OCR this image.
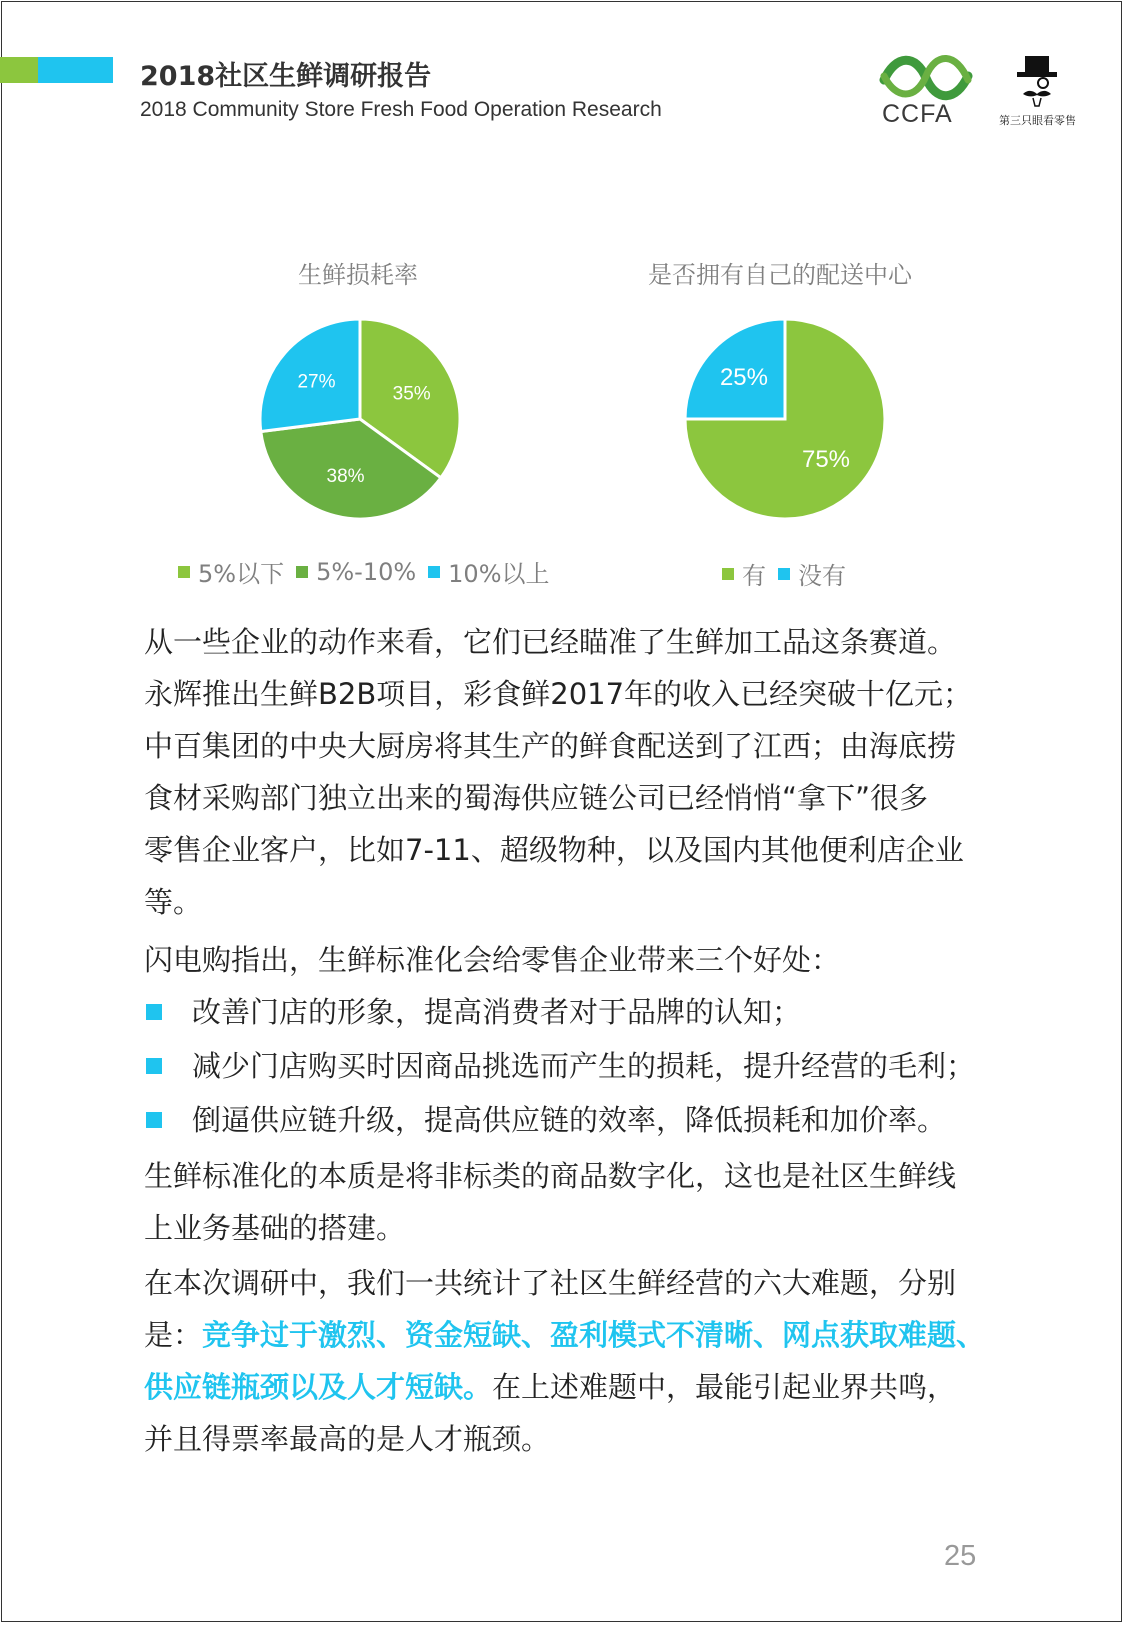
2018社区生鲜调研报告
2018 Community Store Fresh Food Operation Research	CCFA	第三只眼看零售
生鲜损耗率
35%
38%
27%
5%以下 5%-10% 10%以上
是否拥有自己的配送中心
75%
25%
有 没有
从一些企业的动作来看，它们已经瞄准了生鲜加工品这条赛道。
永辉推出生鲜B2B项目，彩食鲜2017年的收入已经突破十亿元；
中百集团的中央大厨房将其生产的鲜食配送到了江西；由海底捞
食材采购部门独立出来的蜀海供应链公司已经悄悄“拿下”很多
零售企业客户，比如7-11、超级物种，以及国内其他便利店企业
等。
闪电购指出，生鲜标准化会给零售企业带来三个好处：
改善门店的形象，提高消费者对于品牌的认知；
减少门店购买时因商品挑选而产生的损耗，提升经营的毛利；
倒逼供应链升级，提高供应链的效率，降低损耗和加价率。
生鲜标准化的本质是将非标类的商品数字化，这也是社区生鲜线
上业务基础的搭建。
在本次调研中，我们一共统计了社区生鲜经营的六大难题，分别
是：竞争过于激烈、资金短缺、盈利模式不清晰、网点获取难题、
供应链瓶颈以及人才短缺。在上述难题中，最能引起业界共鸣，
并且得票率最高的是人才瓶颈。
25
